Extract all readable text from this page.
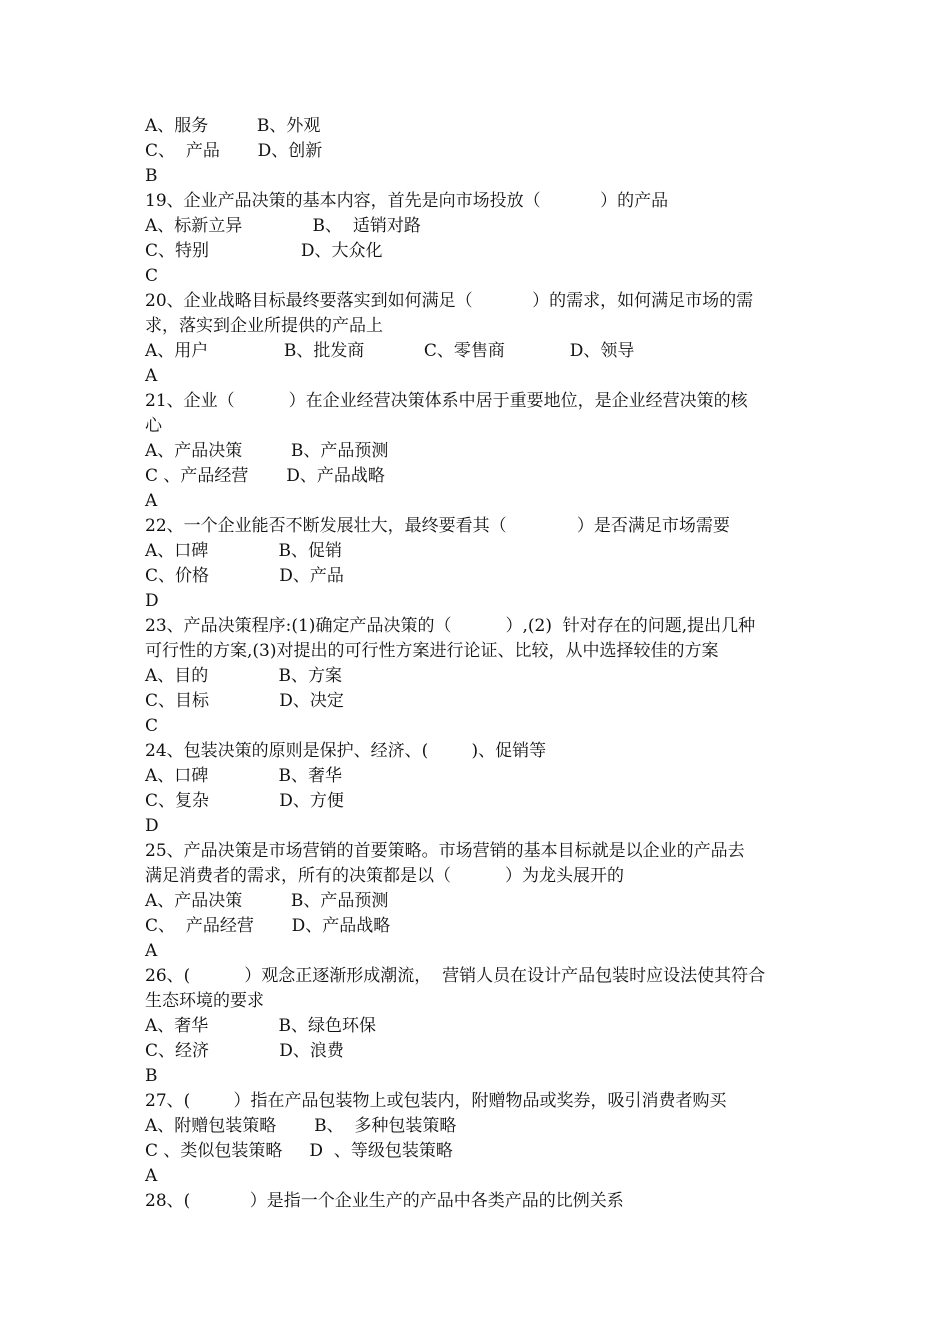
A、服务         B、外观
C、  产品       D、创新
B
19、企业产品决策的基本内容，首先是向市场投放（           ）的产品
A、标新立异             B、  适销对路
C、特别                 D、大众化
C
20、企业战略目标最终要落实到如何满足（           ）的需求，如何满足市场的需
求，落实到企业所提供的产品上
A、用户              B、批发商           C、零售商            D、领导
A
21、企业（          ）在企业经营决策体系中居于重要地位，是企业经营决策的核
心
A、产品决策         B、产品预测
C 、产品经营       D、产品战略
A
22、一个企业能否不断发展壮大，最终要看其（             ）是否满足市场需要
A、口碑             B、促销
C、价格             D、产品
D
23、产品决策程序:(1)确定产品决策的（          ）,(2)  针对存在的问题,提出几种
可行性的方案,(3)对提出的可行性方案进行论证、比较，从中选择较佳的方案
A、目的             B、方案
C、目标             D、决定
C
24、包装决策的原则是保护、经济、(        )、促销等
A、口碑             B、奢华
C、复杂             D、方便
D
25、产品决策是市场营销的首要策略。市场营销的基本目标就是以企业的产品去
满足消费者的需求，所有的决策都是以（          ）为龙头展开的
A、产品决策         B、产品预测
C、  产品经营       D、产品战略
A
26、(          ）观念正逐渐形成潮流，  营销人员在设计产品包装时应设法使其符合
生态环境的要求
A、奢华             B、绿色环保
C、经济             D、浪费
B
27、(        ）指在产品包装物上或包装内，附赠物品或奖券，吸引消费者购买
A、附赠包装策略       B、  多种包装策略
C 、类似包装策略     D  、等级包装策略
A
28、(           ）是指一个企业生产的产品中各类产品的比例关系
